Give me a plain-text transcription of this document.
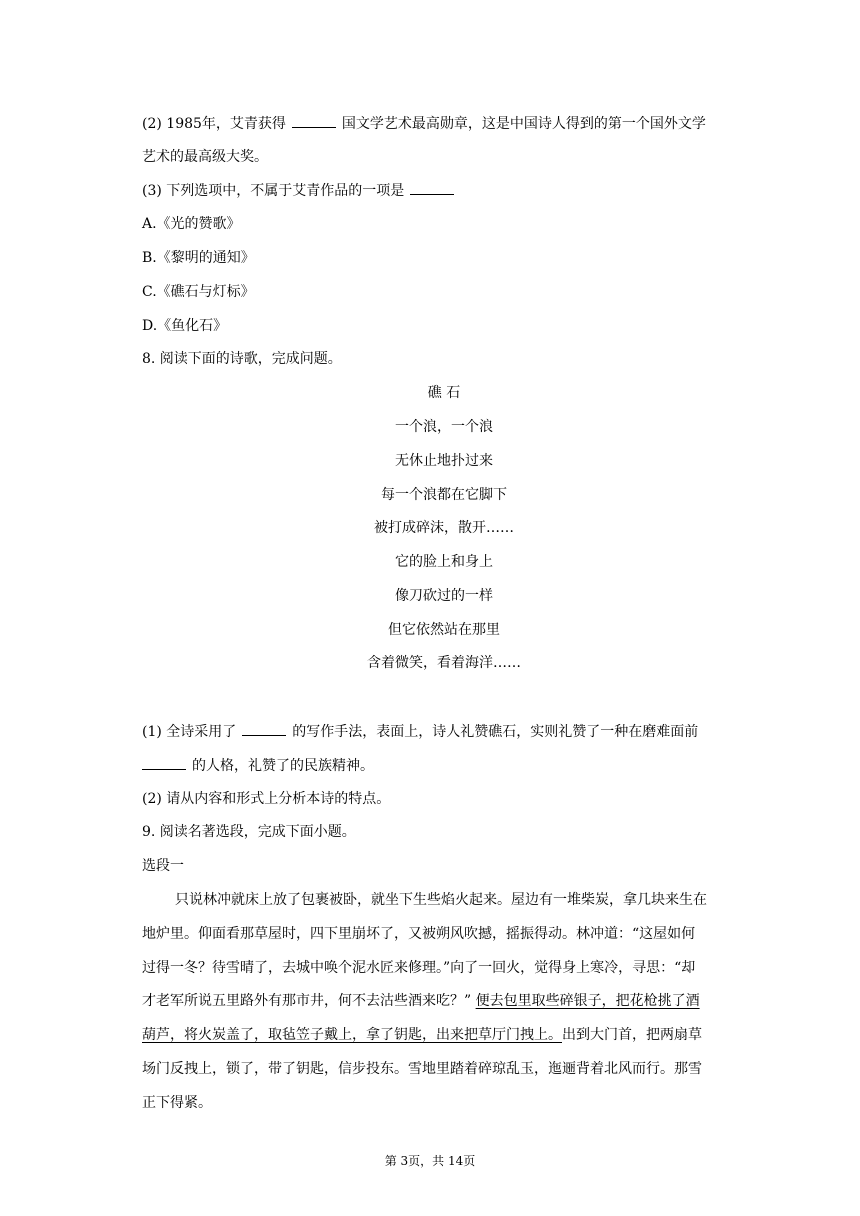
(2) 1985年，艾青获得	国文学艺术最高勋章，这是中国诗人得到的第一个国外文学
艺术的最高级大奖。
(3) 下列选项中，不属于艾青作品的一项是
A.《光的赞歌》
B.《黎明的通知》
C.《礁石与灯标》
D.《鱼化石》
8. 阅读下面的诗歌，完成问题。
礁 石
一个浪，一个浪
无休止地扑过来
每一个浪都在它脚下
被打成碎沫，散开……
它的脸上和身上
像刀砍过的一样
但它依然站在那里
含着微笑，看着海洋……
(1) 全诗采用了	的写作手法，表面上，诗人礼赞礁石，实则礼赞了一种在磨难面前
的人格，礼赞了的民族精神。
(2) 请从内容和形式上分析本诗的特点。
9. 阅读名著选段，完成下面小题。
选段一
只说林冲就床上放了包裹被卧，就坐下生些焰火起来。屋边有一堆柴炭，拿几块来生在
地炉里。仰面看那草屋时，四下里崩坏了，又被朔风吹撼，摇振得动。林冲道：“这屋如何
过得一冬？待雪晴了，去城中唤个泥水匠来修理。”向了一回火，觉得身上寒冷，寻思：“却
才老军所说五里路外有那市井，何不去沽些酒来吃？” 便去包里取些碎银子，把花枪挑了酒
葫芦，将火炭盖了，取毡笠子戴上，拿了钥匙，出来把草厅门拽上。出到大门首，把两扇草
场门反拽上，锁了，带了钥匙，信步投东。雪地里踏着碎琼乱玉，迤逦背着北风而行。那雪
正下得紧。
第 3页，共 14页
